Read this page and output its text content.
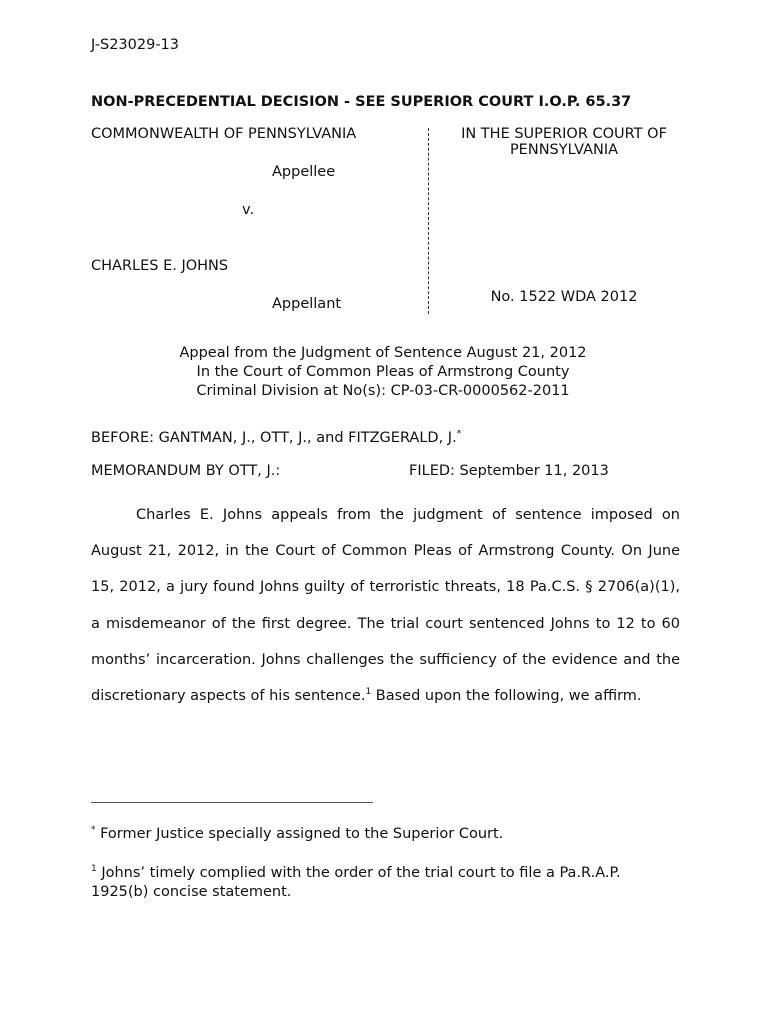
J-S23029-13
NON-PRECEDENTIAL DECISION - SEE SUPERIOR COURT I.O.P. 65.37
COMMONWEALTH OF PENNSYLVANIA
Appellee
v.
CHARLES E. JOHNS
Appellant
IN THE SUPERIOR COURT OF
PENNSYLVANIA
No. 1522 WDA 2012
Appeal from the Judgment of Sentence August 21, 2012
In the Court of Common Pleas of Armstrong County
Criminal Division at No(s): CP-03-CR-0000562-2011
BEFORE: GANTMAN, J., OTT, J., and FITZGERALD, J.*
MEMORANDUM BY OTT, J.:	FILED: September 11, 2013

Charles E. Johns appeals from the judgment of sentence imposed on August 21, 2012, in the Court of Common Pleas of Armstrong County. On June 15, 2012, a jury found Johns guilty of terroristic threats, 18 Pa.C.S. § 2706(a)(1), a misdemeanor of the first degree. The trial court sentenced Johns to 12 to 60 months’ incarceration. Johns challenges the sufficiency of the evidence and the discretionary aspects of his sentence.$^1$ Based upon the following, we affirm.

* Former Justice specially assigned to the Superior Court.
$^1$ Johns’ timely complied with the order of the trial court to file a Pa.R.A.P. 1925(b) concise statement.
